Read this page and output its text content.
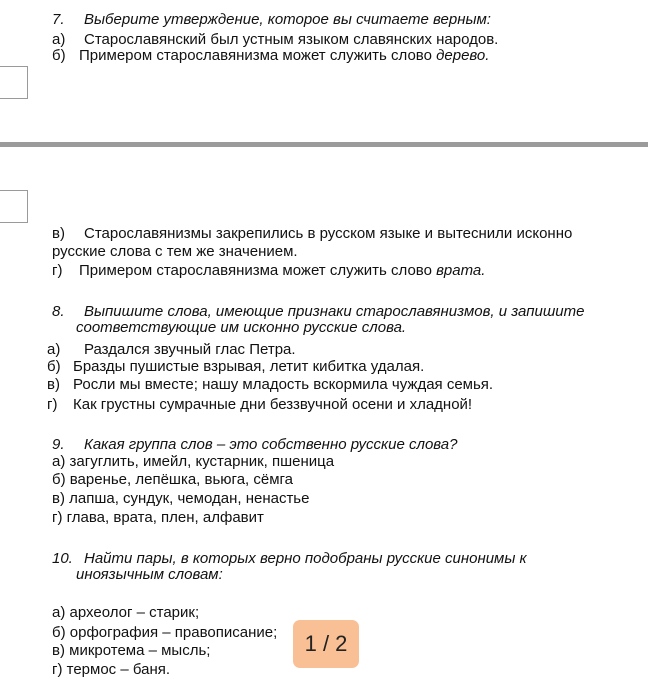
7. Выберите утверждение, которое вы считаете верным:
а) Старославянский был устным языком славянских народов.
б) Примером старославянизма может служить слово дерево.
в) Старославянизмы закрепились в русском языке и вытеснили исконно
русские слова с тем же значением.
г) Примером старославянизма может служить слово врата.
8. Выпишите слова, имеющие признаки старославянизмов, и запишите
соответствующие им исконно русские слова.
а) Раздался звучный глас Петра.
б) Бразды пушистые взрывая, летит кибитка удалая.
в) Росли мы вместе; нашу младость вскормила чуждая семья.
г) Как грустны сумрачные дни беззвучной осени и хладной!
9. Какая группа слов – это собственно русские слова?
а) загуглить, имейл, кустарник, пшеница
б) варенье, лепёшка, вьюга, сёмга
в) лапша, сундук, чемодан, ненастье
г) глава, врата, плен, алфавит
10. Найти пары, в которых верно подобраны русские синонимы к
иноязычным словам:
а) археолог – старик;
б) орфография – правописание;
в) микротема – мысль;
г) термос – баня.
1 / 2
